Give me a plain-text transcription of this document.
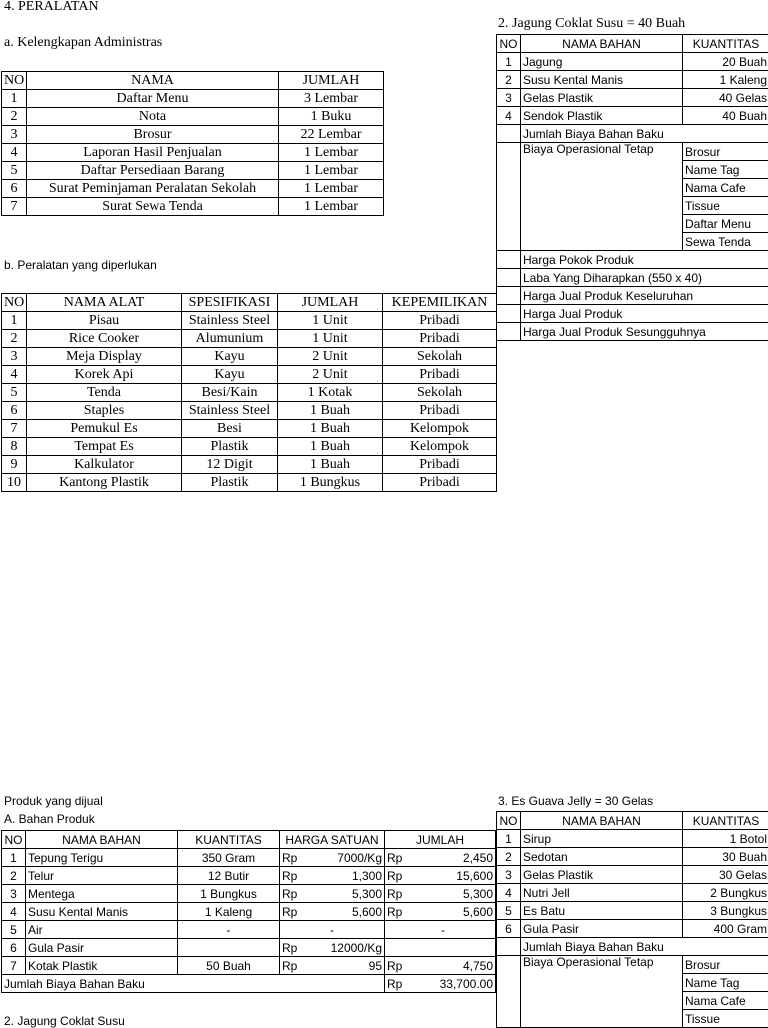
4. PERALATAN
a. Kelengkapan Administras
NO	NAMA	JUMLAH
1	Daftar Menu	3 Lembar
2	Nota	1 Buku
3	Brosur	22 Lembar
4	Laporan Hasil Penjualan	1 Lembar
5	Daftar Persediaan Barang	1 Lembar
6	Surat Peminjaman Peralatan Sekolah	1 Lembar
7	Surat Sewa Tenda	1 Lembar
b. Peralatan yang diperlukan
NO	NAMA ALAT	SPESIFIKASI	JUMLAH	KEPEMILIKAN
1	Pisau	Stainless Steel	1 Unit	Pribadi
2	Rice Cooker	Alumunium	1 Unit	Pribadi
3	Meja Display	Kayu	2 Unit	Sekolah
4	Korek Api	Kayu	2 Unit	Pribadi
5	Tenda	Besi/Kain	1 Kotak	Sekolah
6	Staples	Stainless Steel	1 Buah	Pribadi
7	Pemukul Es	Besi	1 Buah	Kelompok
8	Tempat Es	Plastik	1 Buah	Kelompok
9	Kalkulator	12 Digit	1 Buah	Pribadi
10	Kantong Plastik	Plastik	1 Bungkus	Pribadi
2. Jagung Coklat Susu = 40 Buah
NO	NAMA BAHAN	KUANTITAS
1	Jagung	20 Buah
2	Susu Kental Manis	1 Kaleng
3	Gelas Plastik	40 Gelas
4	Sendok Plastik	40 Buah
	Jumlah Biaya Bahan Baku	
	Biaya Operasional Tetap	Brosur
		Name Tag
		Nama Cafe
		Tissue
		Daftar Menu
		Sewa Tenda
	Harga Pokok Produk	
	Laba Yang Diharapkan (550 x 40)	
	Harga Jual Produk Keseluruhan	
	Harga Jual Produk	
	Harga Jual Produk Sesungguhnya	
Produk yang dijual
A. Bahan Produk
NO	NAMA BAHAN	KUANTITAS	HARGA SATUAN	JUMLAH
1	Tepung Terigu	350 Gram	Rp 7000/Kg	Rp 2,450

2	Telur	12 Butir	Rp 1,300	Rp 15,600

3	Mentega	1 Bungkus	Rp 5,300	Rp 5,300

4	Susu Kental Manis	1 Kaleng	Rp 5,600	Rp 5,600

5	Air	-	-	-
6	Gula Pasir		Rp 12000/Kg	

7	Kotak Plastik	50 Buah	Rp 95	Rp 4,750

Jumlah Biaya Bahan Baku				Rp 33,700.00
2. Jagung Coklat Susu
3. Es Guava Jelly = 30 Gelas
NO	NAMA BAHAN	KUANTITAS
1	Sirup	1 Botol
2	Sedotan	30 Buah
3	Gelas Plastik	30 Gelas
4	Nutri Jell	2 Bungkus
5	Es Batu	3 Bungkus
6	Gula Pasir	400 Gram
	Jumlah Biaya Bahan Baku	
	Biaya Operasional Tetap	Brosur
		Name Tag
		Nama Cafe
		Tissue
